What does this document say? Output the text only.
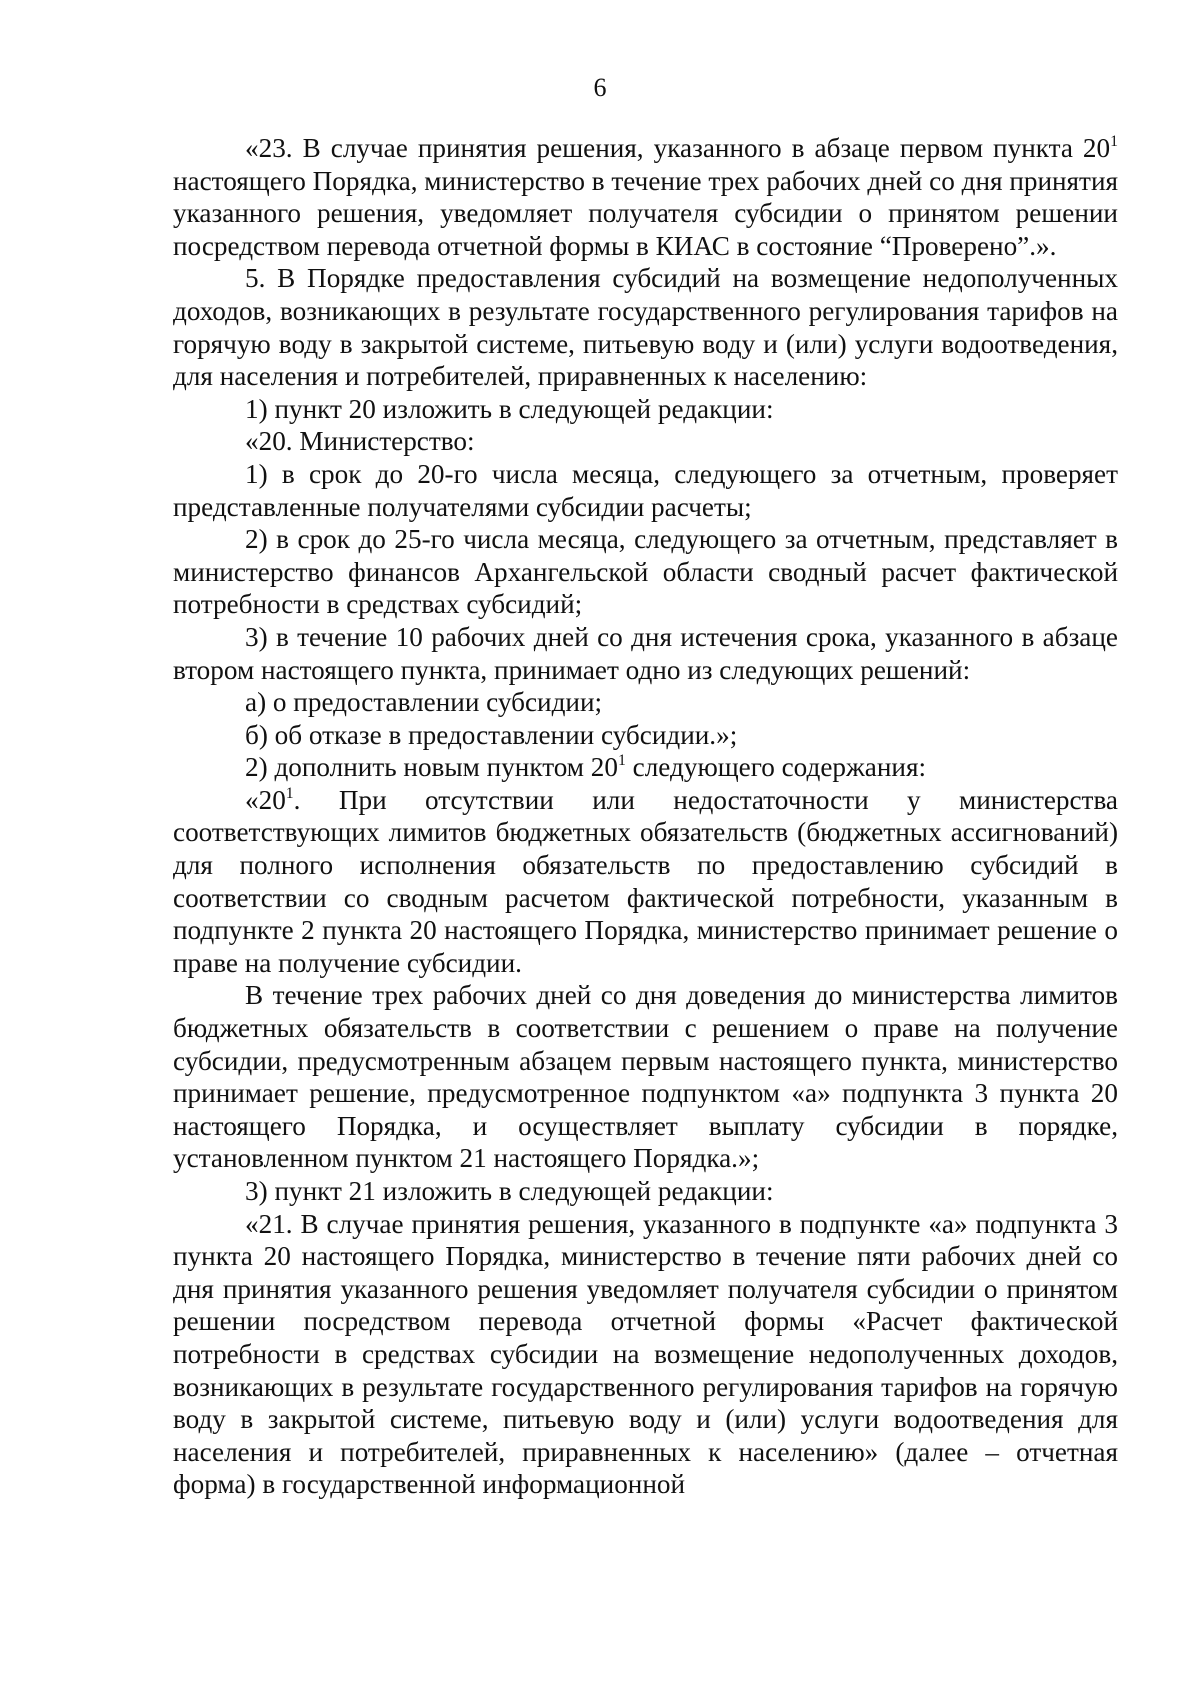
6

«23. В случае принятия решения, указанного в абзаце первом пункта $20^1$ настоящего Порядка, министерство в течение трех рабочих дней со дня принятия указанного решения, уведомляет получателя субсидии о принятом решении посредством перевода отчетной формы в КИАС в состояние “Проверено”.».

5. В Порядке предоставления субсидий на возмещение недополученных доходов, возникающих в результате государственного регулирования тарифов на горячую воду в закрытой системе, питьевую воду и (или) услуги водоотведения, для населения и потребителей, приравненных к населению:

1) пункт 20 изложить в следующей редакции:

«20. Министерство:

1) в срок до 20-го числа месяца, следующего за отчетным, проверяет представленные получателями субсидии расчеты;

2) в срок до 25-го числа месяца, следующего за отчетным, представляет в министерство финансов Архангельской области сводный расчет фактической потребности в средствах субсидий;

3) в течение 10 рабочих дней со дня истечения срока, указанного в абзаце втором настоящего пункта, принимает одно из следующих решений:

а) о предоставлении субсидии;

б) об отказе в предоставлении субсидии.»;

2) дополнить новым пунктом $20^1$ следующего содержания:

«$20^1$. При отсутствии или недостаточности у министерства соответствующих лимитов бюджетных обязательств (бюджетных ассигнований) для полного исполнения обязательств по предоставлению субсидий в соответствии со сводным расчетом фактической потребности, указанным в подпункте 2 пункта 20 настоящего Порядка, министерство принимает решение о праве на получение субсидии.

В течение трех рабочих дней со дня доведения до министерства лимитов бюджетных обязательств в соответствии с решением о праве на получение субсидии, предусмотренным абзацем первым настоящего пункта, министерство принимает решение, предусмотренное подпунктом «а» подпункта 3 пункта 20 настоящего Порядка, и осуществляет выплату субсидии в порядке, установленном пунктом 21 настоящего Порядка.»;

3) пункт 21 изложить в следующей редакции:

«21. В случае принятия решения, указанного в подпункте «а» подпункта 3 пункта 20 настоящего Порядка, министерство в течение пяти рабочих дней со дня принятия указанного решения уведомляет получателя субсидии о принятом решении посредством перевода отчетной формы «Расчет фактической потребности в средствах субсидии на возмещение недополученных доходов, возникающих в результате государственного регулирования тарифов на горячую воду в закрытой системе, питьевую воду и (или) услуги водоотведения для населения и потребителей, приравненных к населению» (далее – отчетная форма) в государственной информационной
